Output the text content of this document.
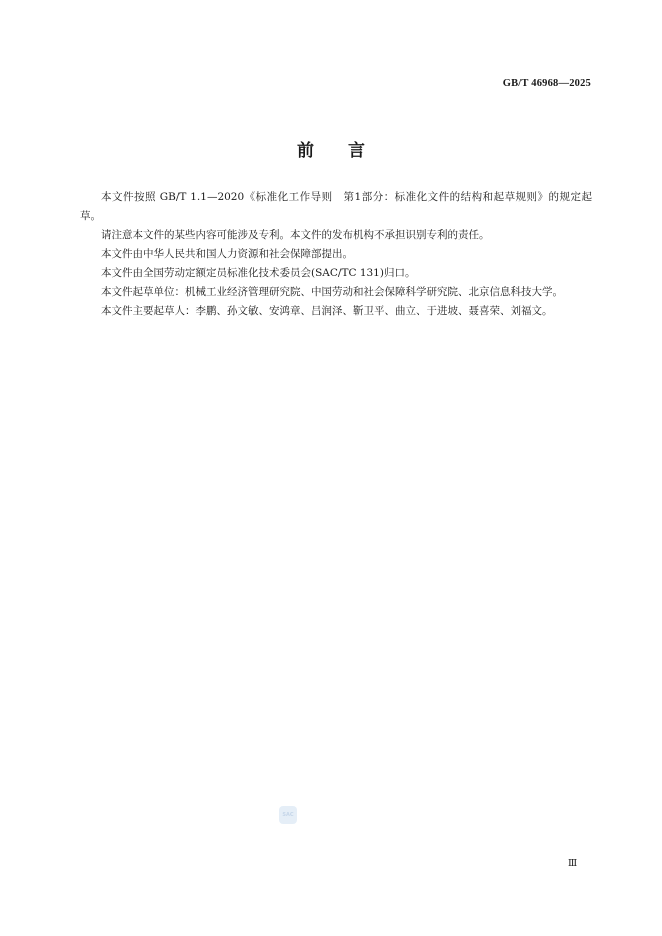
GB/T 46968—2025
前言

本文件按照 GB/T 1.1—2020《标准化工作导则　第1部分：标准化文件的结构和起草规则》的规定起草。

请注意本文件的某些内容可能涉及专利。本文件的发布机构不承担识别专利的责任。

本文件由中华人民共和国人力资源和社会保障部提出。

本文件由全国劳动定额定员标准化技术委员会(SAC/TC 131)归口。

本文件起草单位：机械工业经济管理研究院、中国劳动和社会保障科学研究院、北京信息科技大学。

本文件主要起草人：李鹏、孙文敏、安鸿章、吕润泽、靳卫平、曲立、于进坡、聂喜荣、刘福文。

SAC
Ⅲ
